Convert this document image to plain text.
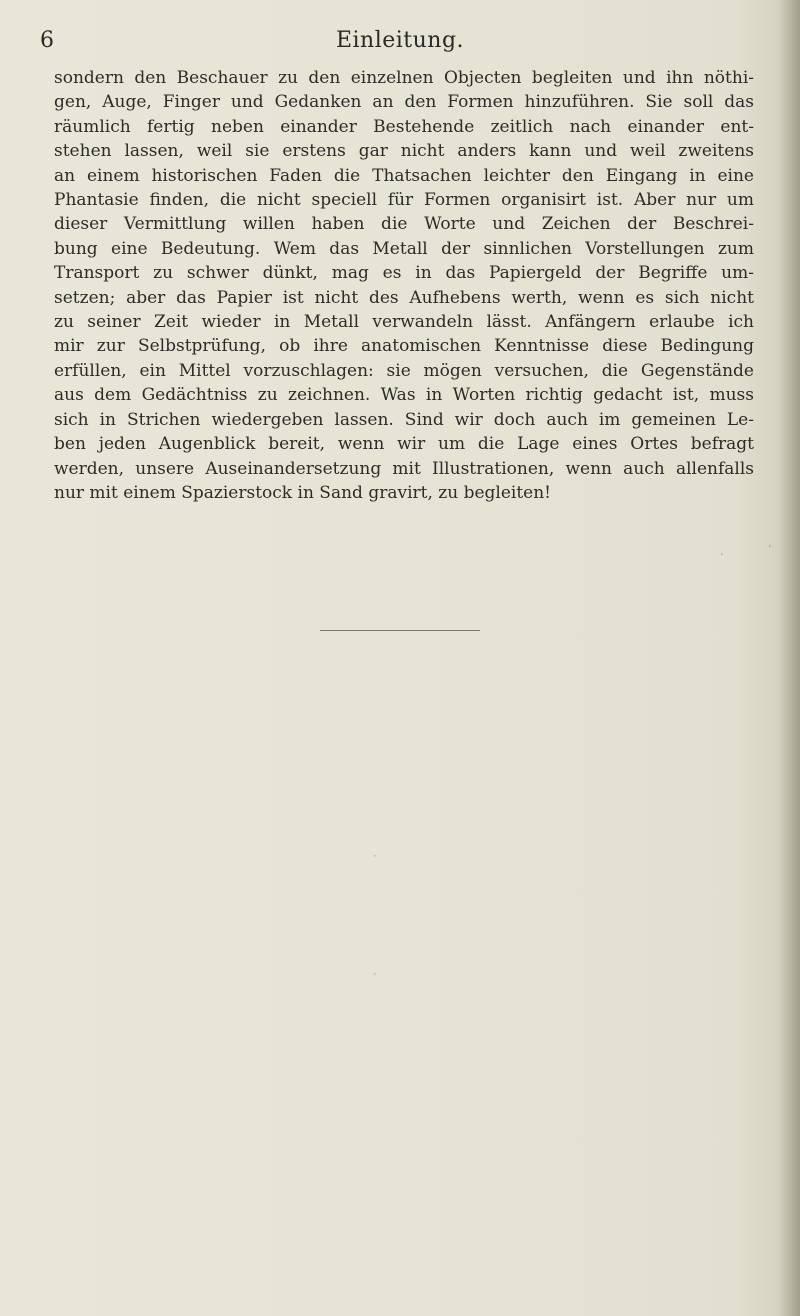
6	Einleitung.

sondern den Beschauer zu den einzelnen Objecten begleiten und ihn nöthi-
gen, Auge, Finger und Gedanken an den Formen hinzuführen. Sie soll das
räumlich fertig neben einander Bestehende zeitlich nach einander ent-
stehen lassen, weil sie erstens gar nicht anders kann und weil zweitens
an einem historischen Faden die Thatsachen leichter den Eingang in eine
Phantasie finden, die nicht speciell für Formen organisirt ist. Aber nur um
dieser Vermittlung willen haben die Worte und Zeichen der Beschrei-
bung eine Bedeutung. Wem das Metall der sinnlichen Vorstellungen zum
Transport zu schwer dünkt, mag es in das Papiergeld der Begriffe um-
setzen; aber das Papier ist nicht des Aufhebens werth, wenn es sich nicht
zu seiner Zeit wieder in Metall verwandeln lässt. Anfängern erlaube ich
mir zur Selbstprüfung, ob ihre anatomischen Kenntnisse diese Bedingung
erfüllen, ein Mittel vorzuschlagen: sie mögen versuchen, die Gegenstände
aus dem Gedächtniss zu zeichnen. Was in Worten richtig gedacht ist, muss
sich in Strichen wiedergeben lassen. Sind wir doch auch im gemeinen Le-
ben jeden Augenblick bereit, wenn wir um die Lage eines Ortes befragt
werden, unsere Auseinandersetzung mit Illustrationen, wenn auch allenfalls
nur mit einem Spazierstock in Sand gravirt, zu begleiten!

·
·
˙
˙
